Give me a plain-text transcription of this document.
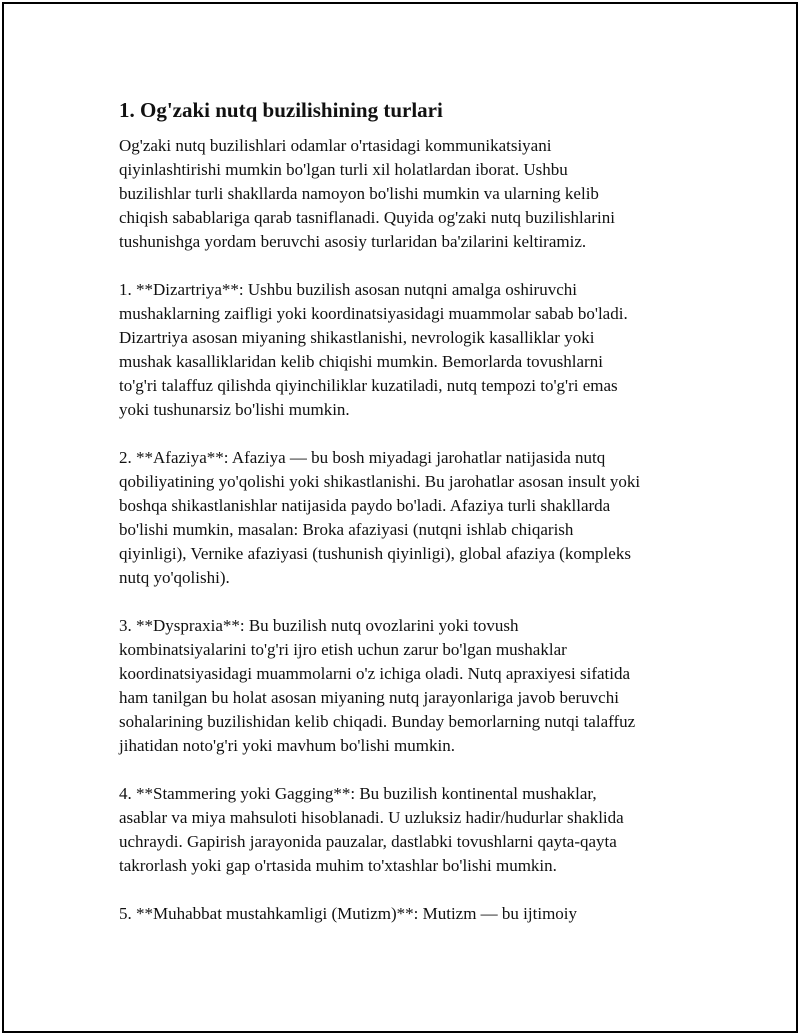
1. Og'zaki nutq buzilishining turlari

Og'zaki nutq buzilishlari odamlar o'rtasidagi kommunikatsiyani
qiyinlashtirishi mumkin bo'lgan turli xil holatlardan iborat. Ushbu
buzilishlar turli shakllarda namoyon bo'lishi mumkin va ularning kelib
chiqish sabablariga qarab tasniflanadi. Quyida og'zaki nutq buzilishlarini
tushunishga yordam beruvchi asosiy turlaridan ba'zilarini keltiramiz.

1. **Dizartriya**: Ushbu buzilish asosan nutqni amalga oshiruvchi
mushaklarning zaifligi yoki koordinatsiyasidagi muammolar sabab bo'ladi.
Dizartriya asosan miyaning shikastlanishi, nevrologik kasalliklar yoki
mushak kasalliklaridan kelib chiqishi mumkin. Bemorlarda tovushlarni
to'g'ri talaffuz qilishda qiyinchiliklar kuzatiladi, nutq tempozi to'g'ri emas
yoki tushunarsiz bo'lishi mumkin.

2. **Afaziya**: Afaziya — bu bosh miyadagi jarohatlar natijasida nutq
qobiliyatining yo'qolishi yoki shikastlanishi. Bu jarohatlar asosan insult yoki
boshqa shikastlanishlar natijasida paydo bo'ladi. Afaziya turli shakllarda
bo'lishi mumkin, masalan: Broka afaziyasi (nutqni ishlab chiqarish
qiyinligi), Vernike afaziyasi (tushunish qiyinligi), global afaziya (kompleks
nutq yo'qolishi).

3. **Dyspraxia**: Bu buzilish nutq ovozlarini yoki tovush
kombinatsiyalarini to'g'ri ijro etish uchun zarur bo'lgan mushaklar
koordinatsiyasidagi muammolarni o'z ichiga oladi. Nutq apraxiyesi sifatida
ham tanilgan bu holat asosan miyaning nutq jarayonlariga javob beruvchi
sohalarining buzilishidan kelib chiqadi. Bunday bemorlarning nutqi talaffuz
jihatidan noto'g'ri yoki mavhum bo'lishi mumkin.

4. **Stammering yoki Gagging**: Bu buzilish kontinental mushaklar,
asablar va miya mahsuloti hisoblanadi. U uzluksiz hadir/hudurlar shaklida
uchraydi. Gapirish jarayonida pauzalar, dastlabki tovushlarni qayta-qayta
takrorlash yoki gap o'rtasida muhim to'xtashlar bo'lishi mumkin.

5. **Muhabbat mustahkamligi (Mutizm)**: Mutizm — bu ijtimoiy
